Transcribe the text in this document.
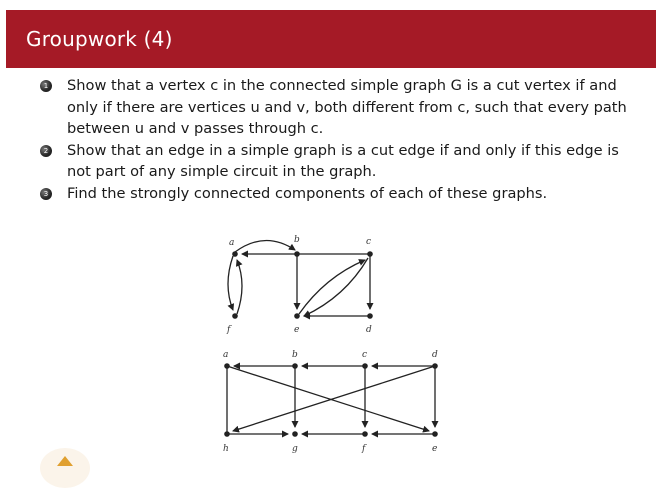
Groupwork (4)
1 Show that a vertex c in the connected simple graph G is a cut vertex if and only if there are vertices u and v, both different from c, such that every path between u and v passes through c.
2 Show that an edge in a simple graph is a cut edge if and only if this edge is not part of any simple circuit in the graph.
3 Find the strongly connected components of each of these graphs.
a	b	c
d
e
f
a	b	c	d
e
f
g
h
